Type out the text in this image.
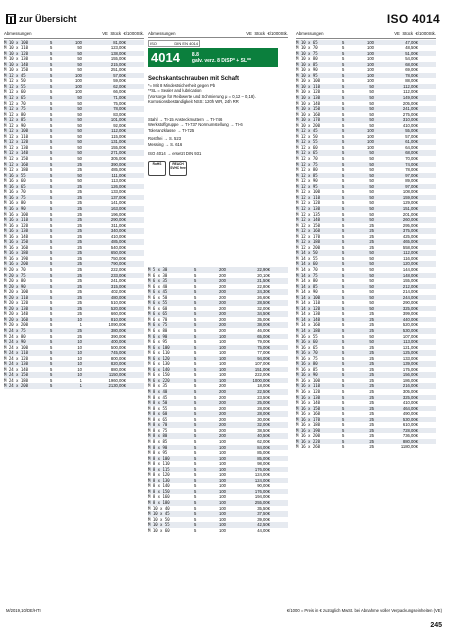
zur Übersicht	ISO 4014
Abmessungen	VE Stück €/1000Stk.
M 10 x 100	5	100	81,00€
M 10 x 110	5	50	123,00€
M 10 x 120	5	50	138,00€
M 10 x 130	5	50	155,00€
M 10 x 140	5	50	215,00€
M 10 x 150	5	50	251,00€
M 12 x 45	5	100	57,00€
M 12 x 50	5	100	59,00€
M 12 x 55	5	100	62,00€
M 12 x 60	5	100	66,00€
M 12 x 65	5	50	71,00€
M 12 x 70	5	50	75,00€
M 12 x 75	5	50	78,00€
M 12 x 80	5	50	83,00€
M 12 x 85	5	50	101,00€
M 12 x 90	5	50	92,00€
M 12 x 100	5	50	112,00€
M 12 x 110	5	50	115,00€
M 12 x 120	5	50	131,00€
M 12 x 130	5	50	155,00€
M 12 x 140	5	50	271,00€
M 12 x 150	5	50	305,00€
M 12 x 160	5	25	390,00€
M 12 x 180	5	25	485,00€
M 16 x 55	5	50	111,00€
M 16 x 60	5	50	113,00€
M 16 x 65	5	25	126,00€
M 16 x 70	5	25	133,00€
M 16 x 75	5	25	137,00€
M 16 x 80	5	25	141,00€
M 16 x 90	5	25	163,00€
M 16 x 100	5	25	196,00€
M 16 x 110	5	25	290,00€
M 16 x 120	5	25	311,00€
M 16 x 130	5	25	340,00€
M 16 x 140	5	25	410,00€
M 16 x 150	5	25	485,00€
M 16 x 160	5	25	540,00€
M 16 x 180	5	25	650,00€
M 16 x 190	5	25	750,00€
M 16 x 200	5	25	790,00€
M 20 x 70	5	25	222,00€
M 20 x 75	5	25	233,00€
M 20 x 80	5	25	241,00€
M 20 x 90	5	25	315,00€
M 20 x 100	5	25	402,00€
M 20 x 110	5	25	480,00€
M 20 x 120	5	25	510,00€
M 20 x 130	5	25	520,00€
M 20 x 140	5	25	660,00€
M 20 x 160	5	10	810,00€
M 20 x 200	5	1	1090,00€
M 24 x 75	5	25	380,00€
M 24 x 80	5	25	390,00€
M 24 x 90	5	10	400,00€
M 24 x 100	5	10	500,00€
M 24 x 110	5	10	745,00€
M 24 x 120	5	10	800,00€
M 24 x 130	5	10	820,00€
M 24 x 140	5	10	880,00€
M 24 x 150	5	10	1150,00€
M 24 x 180	5	1	1960,00€
M 24 x 200	5	1	2130,00€
Abmessungen	VE Stück €/1000Stk.
ISO	DIN EN 4014
4014 8.8
galv. verz. 8 DiSP* + SL**
Sechskantschrauben mit Schaft
*= Mit 8 Mindestsicherheit gegen Pb
**SL = Sealer and lubrication
(Vorsorge für Reibwerte und Schmierung μ = 0,12 – 0,18).
Korrosionsbeständigkeit NSS: 120h WR, 24h RR
Stahl → TI-15 Ansteckmuttern → TI-746
Werkstoffgruppe → TI-737 Normumstellung → TI-6
Toleranzklasse → TI-725
Rostfrei → S. 523
Messing → S. 616
ISO 4014 → ersetzt DIN 931
RoHS	REACH SVHC free
M 5 x 30	5	200	22,90€
M 6 x 30	5	200	20,10€
M 6 x 35	5	200	21,50€
M 6 x 40	5	200	22,80€
M 6 x 45	5	200	24,30€
M 6 x 50	5	200	26,60€
M 6 x 55	5	200	28,50€
M 6 x 60	5	200	32,00€
M 6 x 65	5	200	34,50€
M 6 x 70	5	200	35,00€
M 6 x 75	5	200	38,00€
M 6 x 80	5	200	46,00€
M 6 x 90	5	100	65,00€
M 6 x 95	5	100	79,00€
M 6 x 100	5	100	75,00€
M 6 x 110	5	100	77,00€
M 6 x 120	5	100	94,00€
M 6 x 130	5	100	107,00€
M 6 x 140	5	100	151,00€
M 6 x 150	5	100	222,00€
M 6 x 220	5	100	1000,00€
M 8 x 35	5	200	18,00€
M 8 x 40	5	200	22,50€
M 8 x 45	5	200	23,50€
M 8 x 50	5	200	25,00€
M 8 x 55	5	200	28,00€
M 8 x 60	5	200	28,00€
M 8 x 65	5	200	30,00€
M 8 x 70	5	200	32,00€
M 8 x 75	5	200	38,50€
M 8 x 80	5	200	40,50€
M 8 x 85	5	100	62,00€
M 8 x 90	5	100	84,00€
M 8 x 95	5	100	85,00€
M 8 x 100	5	100	85,00€
M 8 x 110	5	100	98,00€
M 8 x 115	5	100	176,00€
M 8 x 120	5	100	124,00€
M 8 x 130	5	100	124,00€
M 8 x 140	5	100	90,00€
M 8 x 150	5	100	176,00€
M 8 x 160	5	100	194,00€
M 8 x 180	5	100	255,00€
M 10 x 40	5	100	35,50€
M 10 x 45	5	100	37,50€
M 10 x 50	5	100	39,00€
M 10 x 55	5	100	42,50€
M 10 x 60	5	100	44,00€
Abmessungen	VE Stück €/1000Stk.
M 10 x 65	5	100	47,00€
M 10 x 70	5	100	48,50€
M 10 x 75	5	100	51,00€
M 10 x 80	5	100	54,00€
M 10 x 85	5	100	68,00€
M 10 x 90	5	100	69,00€
M 10 x 95	5	100	78,00€
M 10 x 100	5	100	88,00€
M 10 x 110	5	50	112,00€
M 10 x 120	5	50	112,00€
M 10 x 130	5	50	149,00€
M 10 x 140	5	50	205,00€
M 10 x 150	5	50	241,00€
M 10 x 160	5	50	275,00€
M 10 x 170	5	50	310,00€
M 10 x 200	5	50	410,00€
M 12 x 45	5	100	55,00€
M 12 x 50	5	100	57,00€
M 12 x 55	5	100	61,00€
M 12 x 60	5	100	64,00€
M 12 x 65	5	50	68,00€
M 12 x 70	5	50	70,00€
M 12 x 75	5	50	74,00€
M 12 x 80	5	50	78,00€
M 12 x 85	5	50	97,00€
M 12 x 90	5	50	89,00€
M 12 x 95	5	50	97,00€
M 12 x 100	5	50	108,00€
M 12 x 110	5	50	159,00€
M 12 x 120	5	50	129,00€
M 12 x 130	5	50	151,00€
M 12 x 135	5	50	201,00€
M 12 x 140	5	50	260,00€
M 12 x 150	5	25	295,00€
M 12 x 160	5	25	375,00€
M 12 x 170	5	25	425,00€
M 12 x 180	5	25	465,00€
M 12 x 200	5	25	558,00€
M 14 x 50	5	50	112,00€
M 14 x 55	5	50	116,00€
M 14 x 60	5	50	120,00€
M 14 x 70	5	50	144,00€
M 14 x 75	5	50	148,00€
M 14 x 80	5	50	155,00€
M 14 x 85	5	50	212,00€
M 14 x 90	5	50	214,00€
M 14 x 100	5	50	244,00€
M 14 x 110	5	50	290,00€
M 14 x 120	5	50	325,00€
M 14 x 130	5	25	399,00€
M 14 x 140	5	25	440,00€
M 14 x 160	5	25	520,00€
M 14 x 180	5	25	530,00€
M 16 x 55	5	50	107,00€
M 16 x 60	5	50	113,00€
M 16 x 65	5	25	121,00€
M 16 x 70	5	25	125,00€
M 16 x 75	5	25	133,00€
M 16 x 80	5	25	139,00€
M 16 x 85	5	25	175,00€
M 16 x 90	5	25	156,00€
M 16 x 100	5	25	186,00€
M 16 x 110	5	25	216,00€
M 16 x 120	5	25	305,00€
M 16 x 130	5	25	325,00€
M 16 x 140	5	25	410,00€
M 16 x 150	5	25	464,00€
M 16 x 160	5	25	490,00€
M 16 x 170	5	25	530,00€
M 16 x 180	5	25	610,00€
M 16 x 190	5	25	728,00€
M 16 x 200	5	25	736,00€
M 16 x 220	5	25	880,00€
M 16 x 260	5	25	1180,00€
M/2019,10/DE/HTI	€/1000 = Preis in € zuzüglich MwSt. bei Abnahme voller Verpackungseinheiten (VE)
245
